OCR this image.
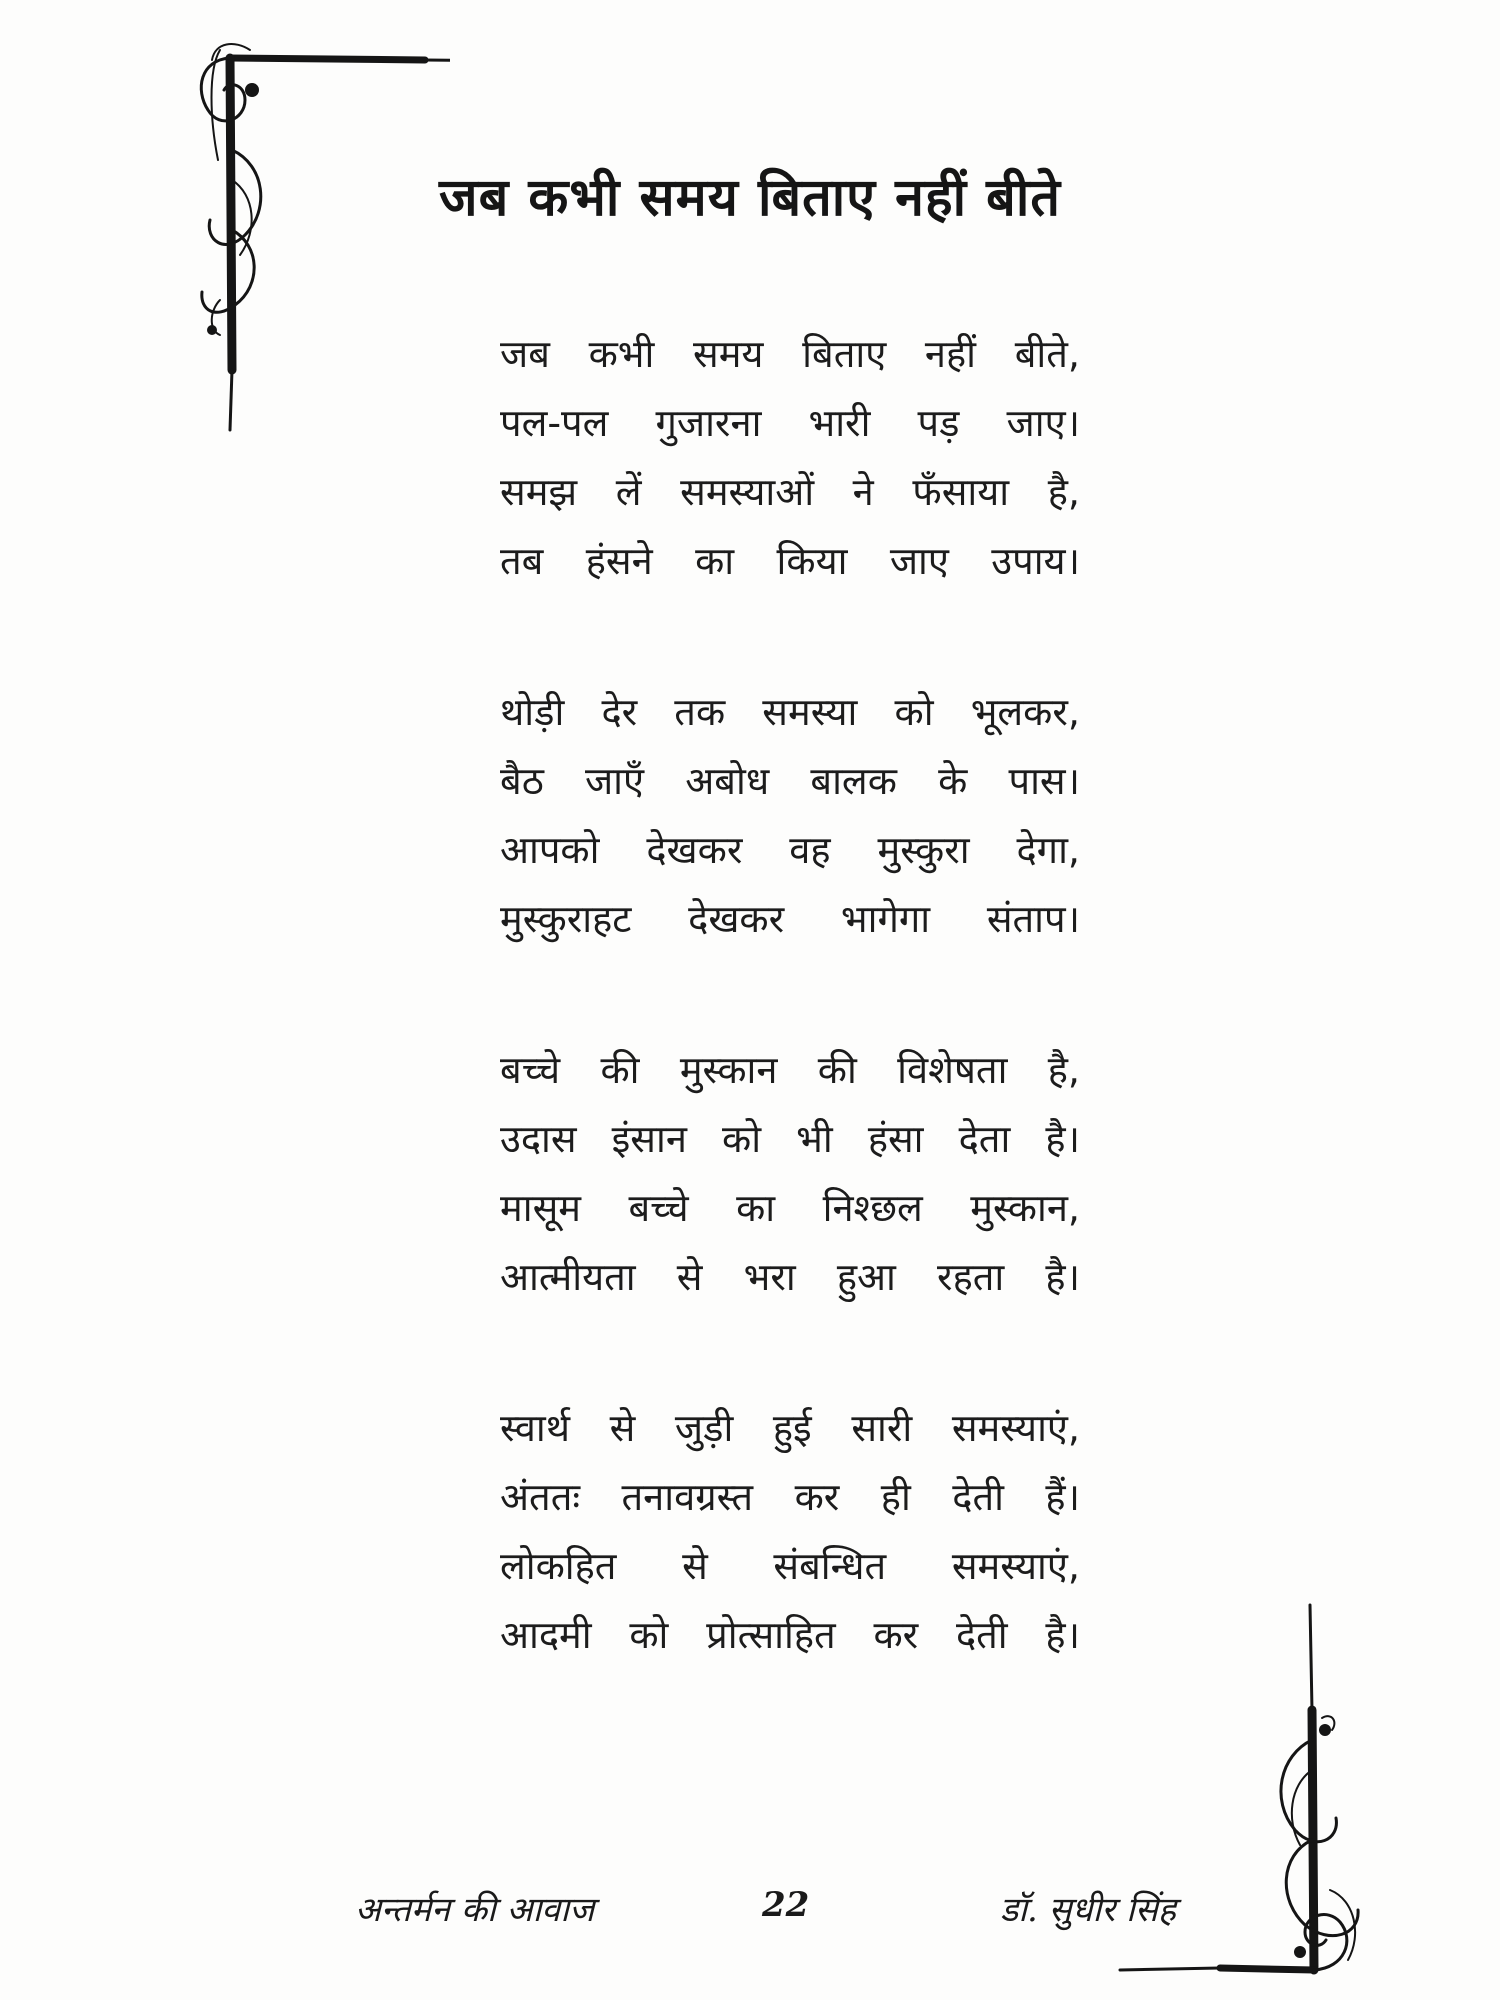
जब कभी समय बिताए नहीं बीते
जब कभी समय बिताए नहीं बीते,
पल-पल गुजारना भारी पड़ जाए।
समझ लें समस्याओं ने फँसाया है,
तब हंसने का किया जाए उपाय।
थोड़ी देर तक समस्या को भूलकर,
बैठ जाएँ अबोध बालक के पास।
आपको देखकर वह मुस्कुरा देगा,
मुस्कुराहट देखकर भागेगा संताप।
बच्चे की मुस्कान की विशेषता है,
उदास इंसान को भी हंसा देता है।
मासूम बच्चे का निश्छल मुस्कान,
आत्मीयता से भरा हुआ रहता है।
स्वार्थ से जुड़ी हुई सारी समस्याएं,
अंततः तनावग्रस्त कर ही देती हैं।
लोकहित से संबन्धित समस्याएं,
आदमी को प्रोत्साहित कर देती है।
अन्तर्मन की आवाज	22	डॉ. सुधीर सिंह
